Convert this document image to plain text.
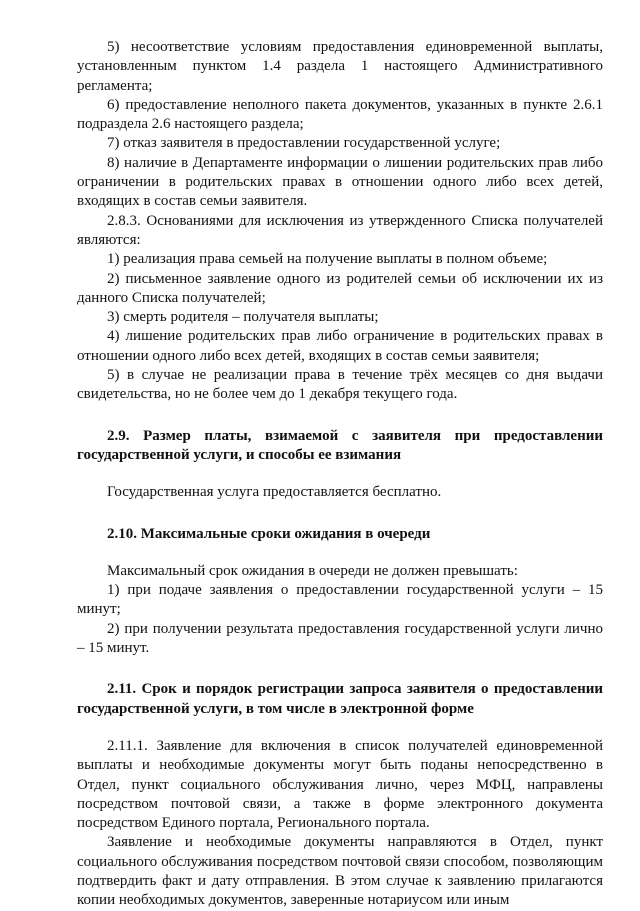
5) несоответствие условиям предоставления единовременной выплаты, установленным пунктом 1.4 раздела 1 настоящего Административного регламента;

6) предоставление неполного пакета документов, указанных в пункте 2.6.1 подраздела 2.6 настоящего раздела;

7) отказ заявителя в предоставлении государственной услуге;

8) наличие в Департаменте информации о лишении родительских прав либо ограничении в родительских правах в отношении одного либо всех детей, входящих в состав семьи заявителя.

2.8.3. Основаниями для исключения из утвержденного Списка получателей являются:

1) реализация права семьей на получение выплаты в полном объеме;

2) письменное заявление одного из родителей семьи об исключении их из данного Списка получателей;

3) смерть родителя – получателя выплаты;

4) лишение родительских прав либо ограничение в родительских правах в отношении одного либо всех детей, входящих в состав семьи заявителя;

5) в случае не реализации права в течение трёх месяцев со дня выдачи свидетельства, но не более чем до 1 декабря текущего года.

2.9. Размер платы, взимаемой с заявителя при предоставлении государственной услуги, и способы ее взимания

Государственная услуга предоставляется бесплатно.

2.10. Максимальные сроки ожидания в очереди

Максимальный срок ожидания в очереди не должен превышать:

1) при подаче заявления о предоставлении государственной услуги – 15 минут;

2) при получении результата предоставления государственной услуги лично – 15 минут.

2.11. Срок и порядок регистрации запроса заявителя о предоставлении государственной услуги, в том числе в электронной форме

2.11.1. Заявление для включения в список получателей единовременной выплаты и необходимые документы могут быть поданы непосредственно в Отдел, пункт социального обслуживания лично, через МФЦ, направлены посредством почтовой связи, а также в форме электронного документа посредством Единого портала, Регионального портала.

Заявление и необходимые документы направляются в Отдел, пункт социального обслуживания посредством почтовой связи способом, позволяющим подтвердить факт и дату отправления. В этом случае к заявлению прилагаются копии необходимых документов, заверенные нотариусом или иным
